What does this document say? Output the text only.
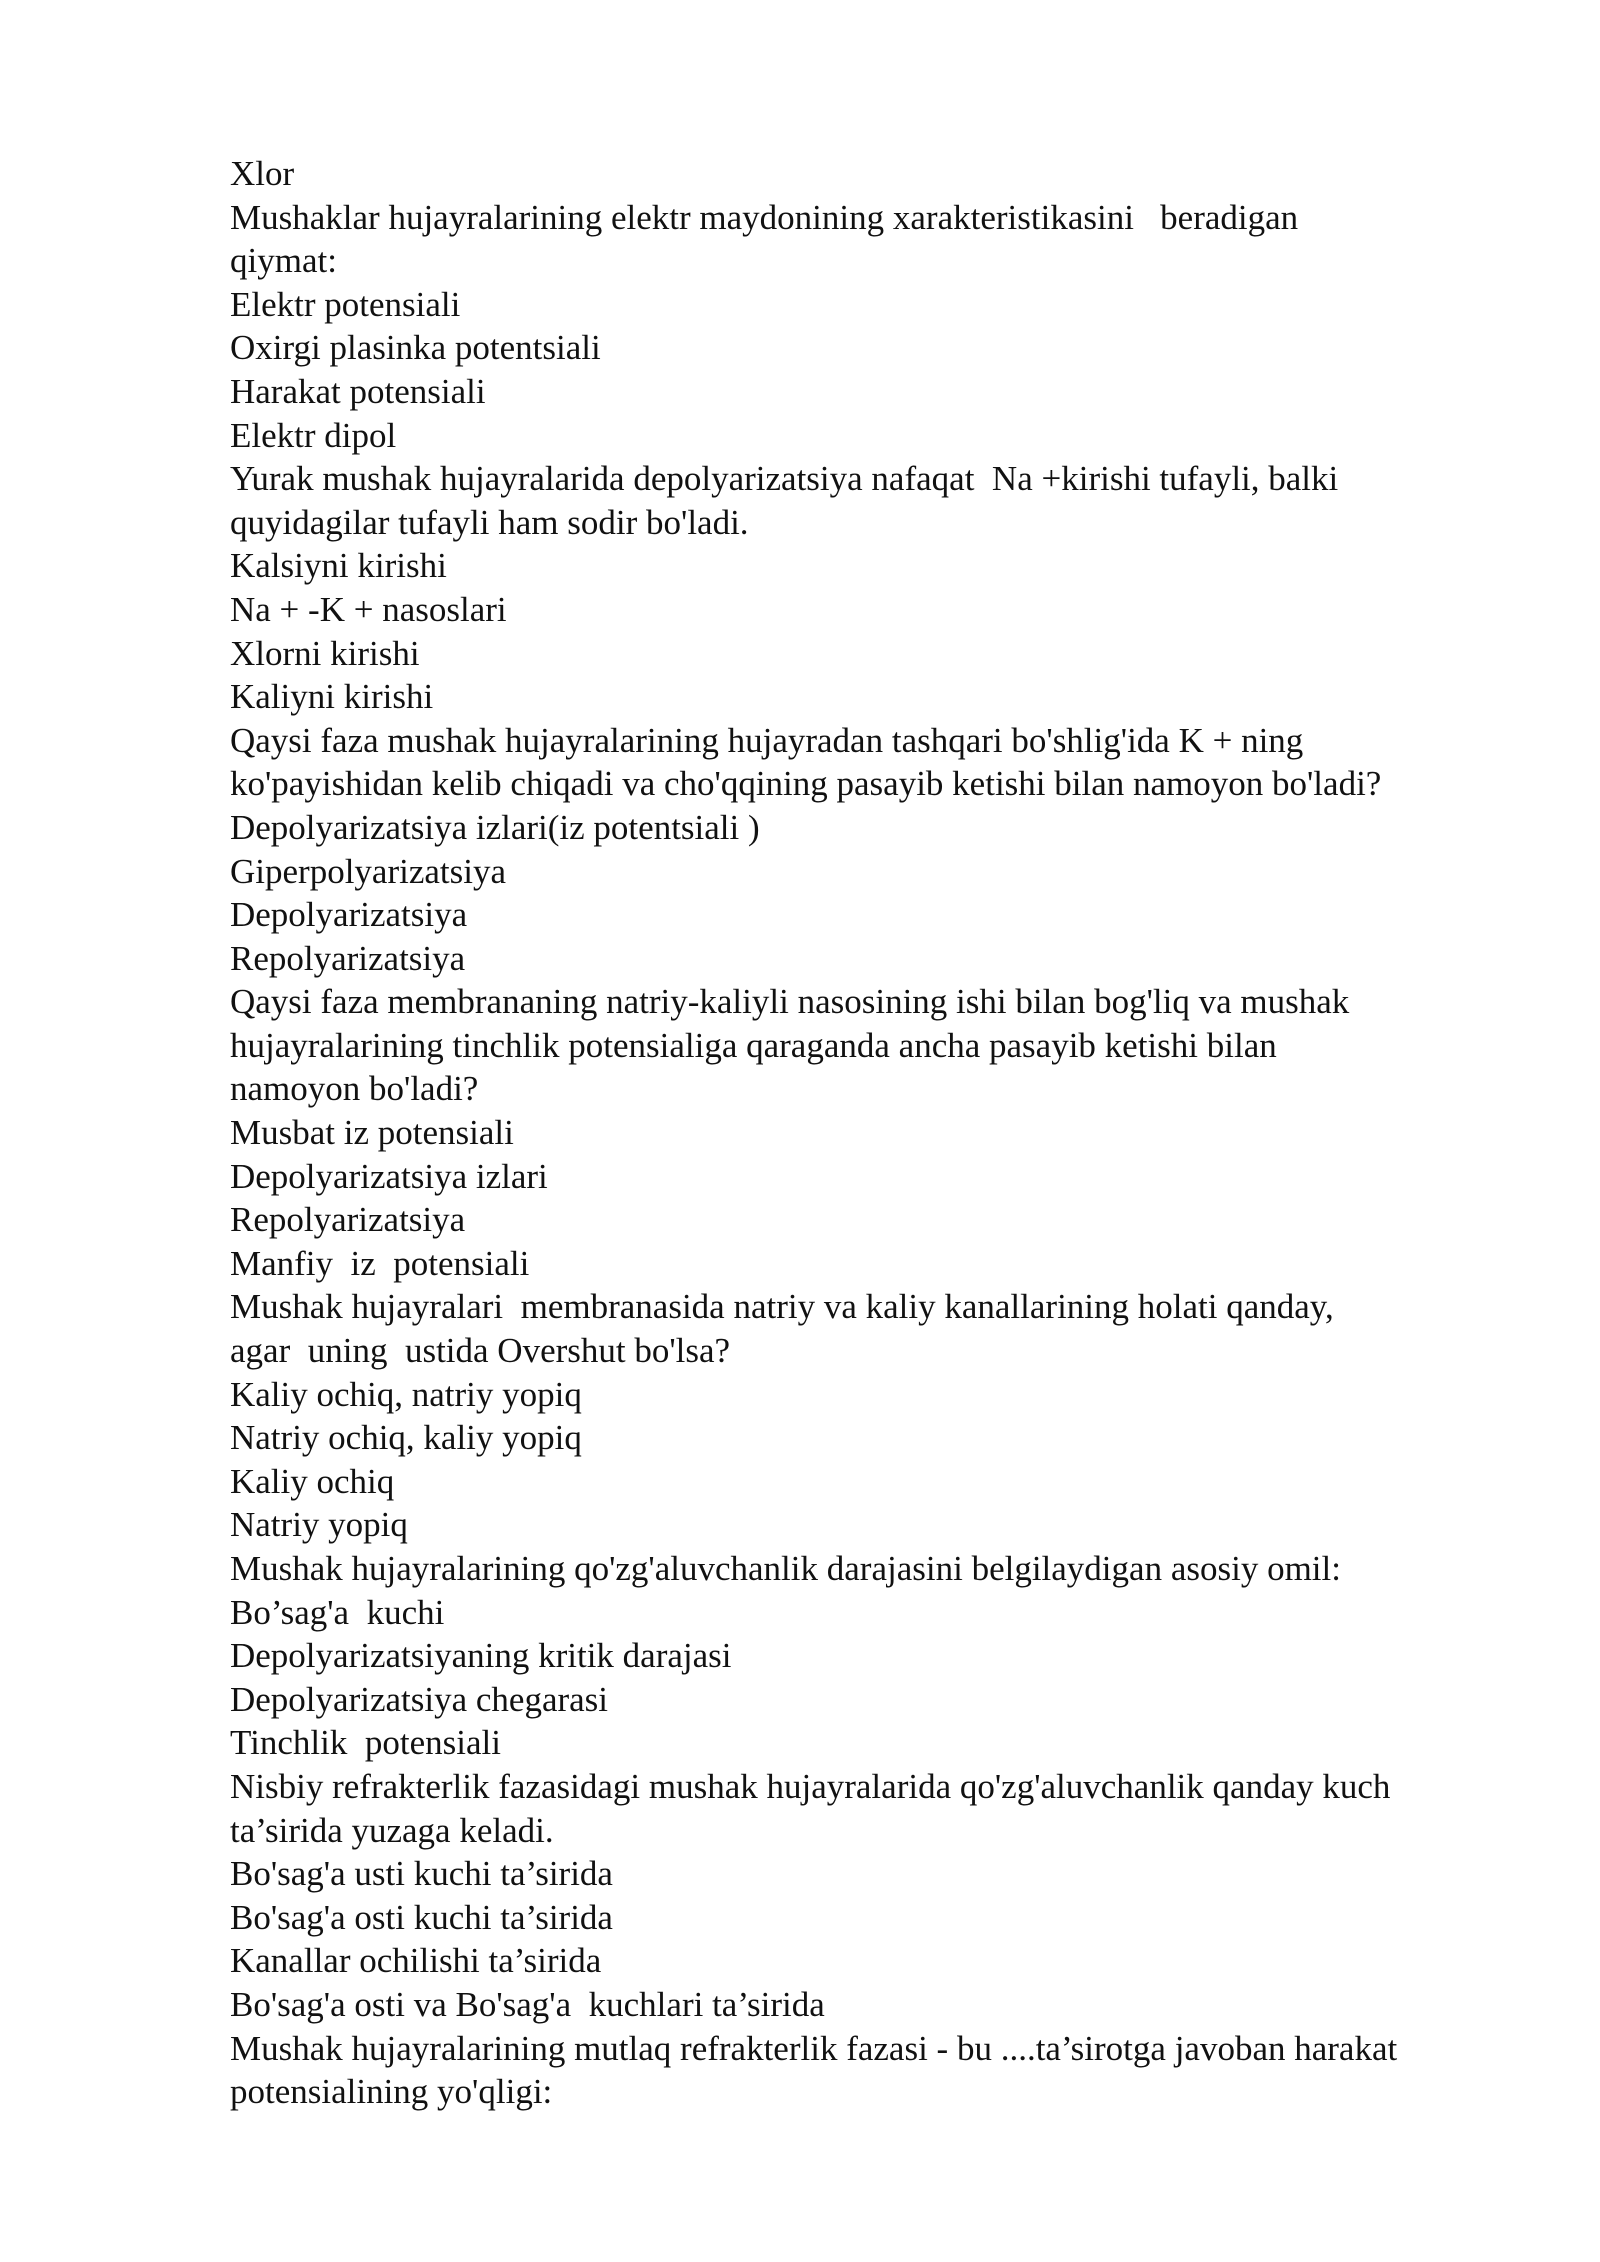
Xlor
Mushaklar hujayralarining elektr maydonining xarakteristikasini   beradigan
qiymat:
Elektr potensiali
Oxirgi plasinka potentsiali
Harakat potensiali
Elektr dipol
Yurak mushak hujayralarida depolyarizatsiya nafaqat  Na +kirishi tufayli, balki
quyidagilar tufayli ham sodir bo'ladi.
Kalsiyni kirishi
Na + -K + nasoslari
Xlorni kirishi
Kaliyni kirishi
Qaysi faza mushak hujayralarining hujayradan tashqari bo'shlig'ida K + ning
ko'payishidan kelib chiqadi va cho'qqining pasayib ketishi bilan namoyon bo'ladi?
Depolyarizatsiya izlari(iz potentsiali )
Giperpolyarizatsiya
Depolyarizatsiya
Repolyarizatsiya
Qaysi faza membrananing natriy-kaliyli nasosining ishi bilan bog'liq va mushak
hujayralarining tinchlik potensialiga qaraganda ancha pasayib ketishi bilan
namoyon bo'ladi?
Musbat iz potensiali
Depolyarizatsiya izlari
Repolyarizatsiya
Manfiy  iz  potensiali
Mushak hujayralari  membranasida natriy va kaliy kanallarining holati qanday,
agar  uning  ustida Overshut bo'lsa?
Kaliy ochiq, natriy yopiq
Natriy ochiq, kaliy yopiq
Kaliy ochiq
Natriy yopiq
Mushak hujayralarining qo'zg'aluvchanlik darajasini belgilaydigan asosiy omil:
Bo’sag'a  kuchi
Depolyarizatsiyaning kritik darajasi
Depolyarizatsiya chegarasi
Tinchlik  potensiali
Nisbiy refrakterlik fazasidagi mushak hujayralarida qo'zg'aluvchanlik qanday kuch
ta’sirida yuzaga keladi.
Bo'sag'a usti kuchi ta’sirida
Bo'sag'a osti kuchi ta’sirida
Kanallar ochilishi ta’sirida
Bo'sag'a osti va Bo'sag'a  kuchlari ta’sirida
Mushak hujayralarining mutlaq refrakterlik fazasi - bu ....ta’sirotga javoban harakat
potensialining yo'qligi:
